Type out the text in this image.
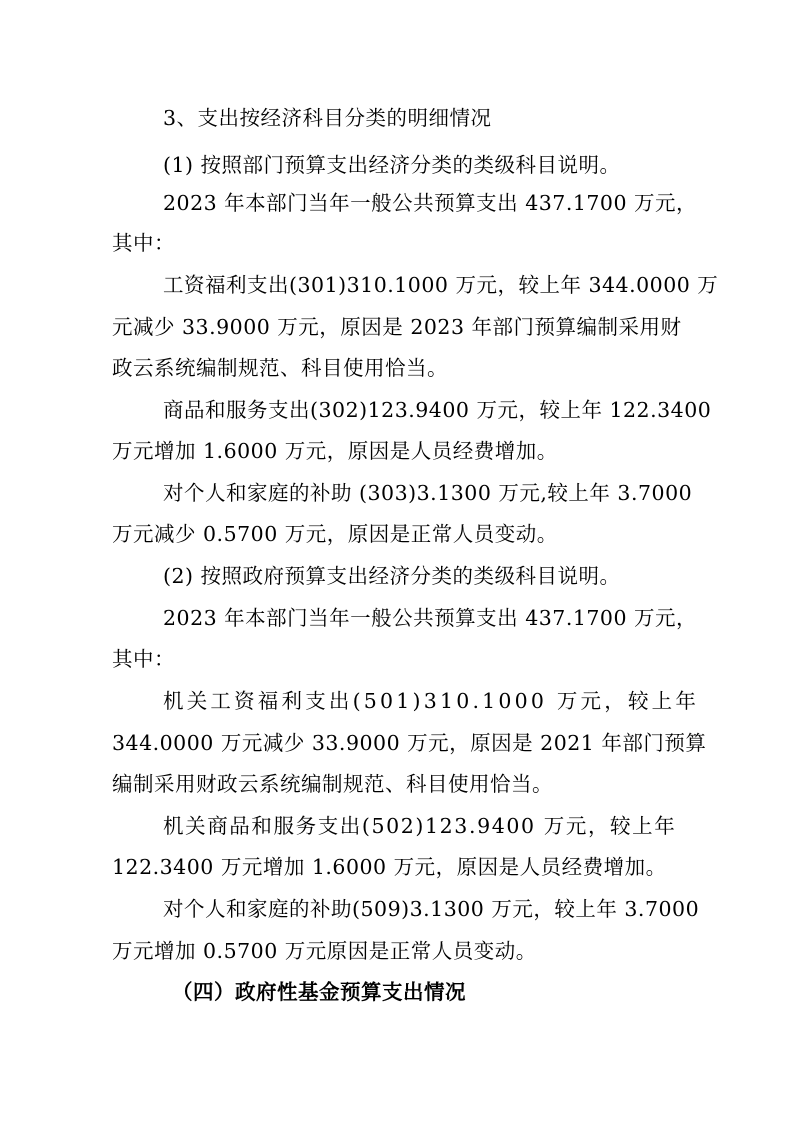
3、支出按经济科目分类的明细情况
(1) 按照部门预算支出经济分类的类级科目说明。
2023 年本部门当年一般公共预算支出 437.1700 万元，
其中：
工资福利支出(301)310.1000 万元，较上年 344.0000 万
元减少 33.9000 万元，原因是 2023 年部门预算编制采用财
政云系统编制规范、科目使用恰当。
商品和服务支出(302)123.9400 万元，较上年 122.3400
万元增加 1.6000 万元，原因是人员经费增加。
对个人和家庭的补助 (303)3.1300 万元,较上年 3.7000
万元减少 0.5700 万元，原因是正常人员变动。
(2) 按照政府预算支出经济分类的类级科目说明。
2023 年本部门当年一般公共预算支出 437.1700 万元，
其中：
机关工资福利支出(501)310.1000 万元，较上年
344.0000 万元减少 33.9000 万元，原因是 2021 年部门预算
编制采用财政云系统编制规范、科目使用恰当。
机关商品和服务支出(502)123.9400 万元，较上年
122.3400 万元增加 1.6000 万元，原因是人员经费增加。
对个人和家庭的补助(509)3.1300 万元，较上年 3.7000
万元增加 0.5700 万元原因是正常人员变动。
（四）政府性基金预算支出情况
